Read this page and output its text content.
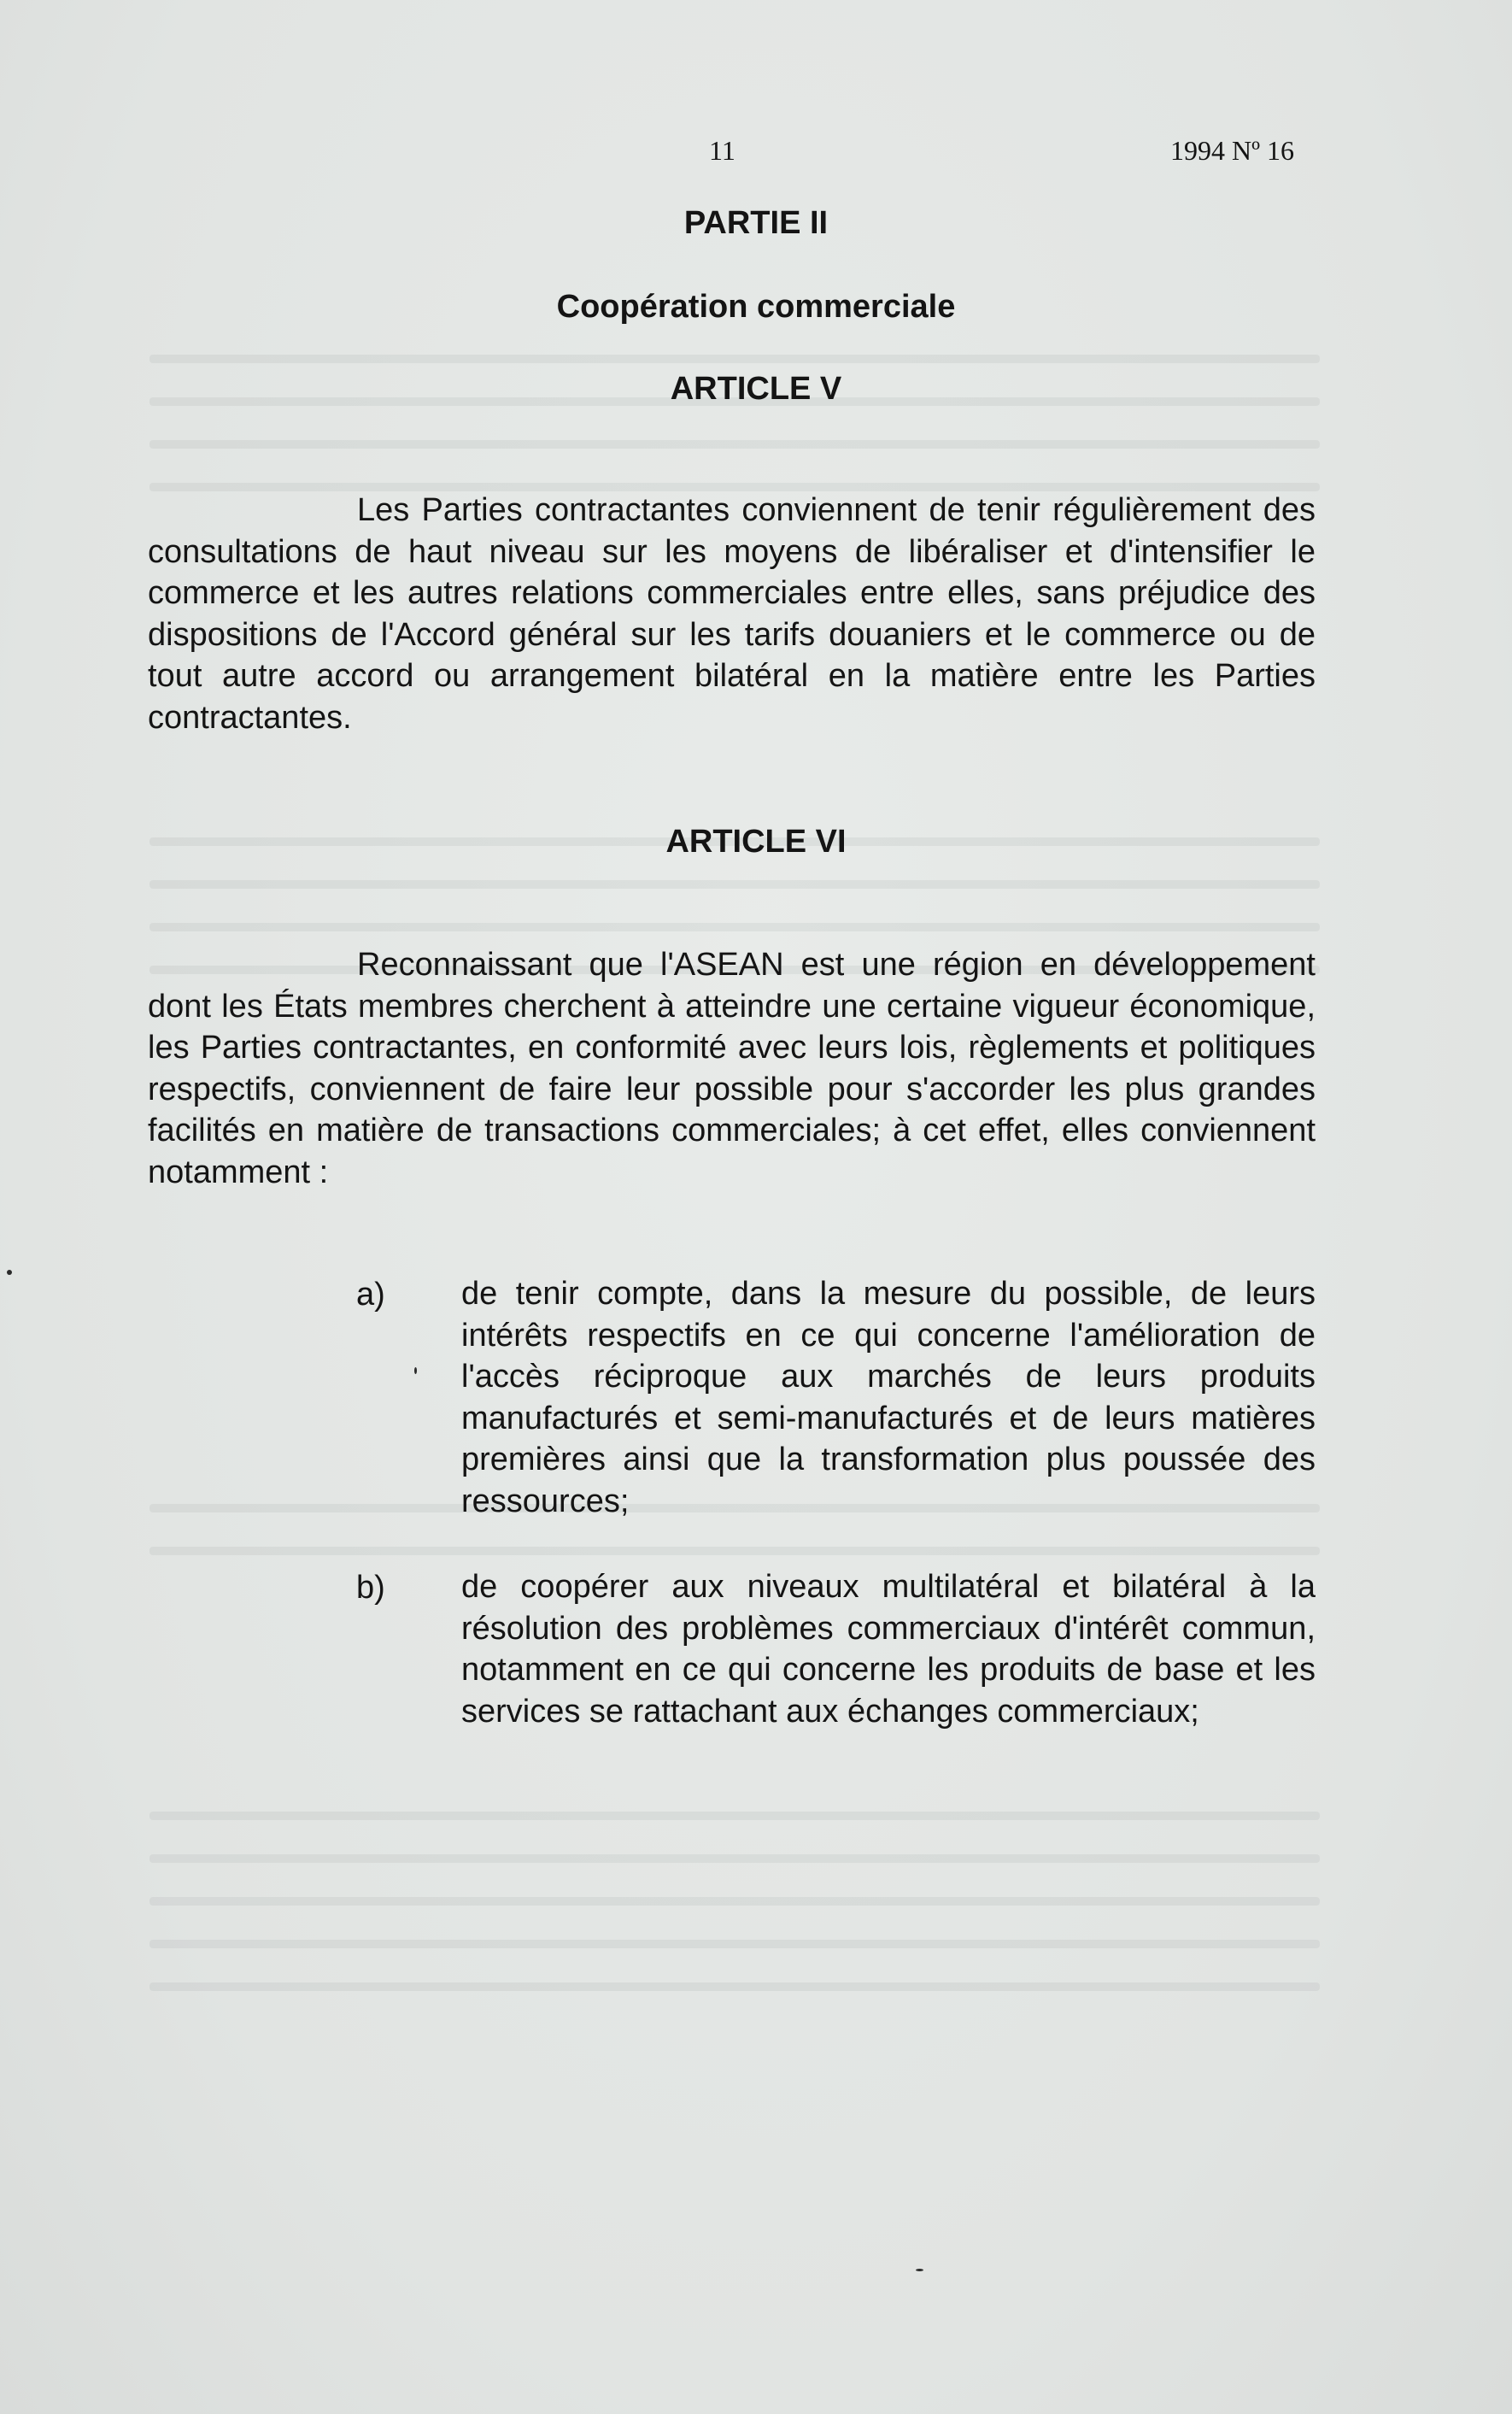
11	1994 Nº 16
PARTIE II
Coopération commerciale
ARTICLE V

Les Parties contractantes conviennent de tenir régulièrement des consultations de haut niveau sur les moyens de libéraliser et d'intensifier le commerce et les autres relations commerciales entre elles, sans préjudice des dispositions de l'Accord général sur les tarifs douaniers et le commerce ou de tout autre accord ou arrangement bilatéral en la matière entre les Parties contractantes.

ARTICLE VI

Reconnaissant que l'ASEAN est une région en développement dont les États membres cherchent à atteindre une certaine vigueur économique, les Parties contractantes, en conformité avec leurs lois, règlements et politiques respectifs, conviennent de faire leur possible pour s'accorder les plus grandes facilités en matière de transactions commerciales; à cet effet, elles conviennent notamment :

a) de tenir compte, dans la mesure du possible, de leurs intérêts respectifs en ce qui concerne l'amélioration de l'accès réciproque aux marchés de leurs produits manufacturés et semi-manufacturés et de leurs matières premières ainsi que la transformation plus poussée des ressources;

b) de coopérer aux niveaux multilatéral et bilatéral à la résolution des problèmes commerciaux d'intérêt commun, notamment en ce qui concerne les produits de base et les services se rattachant aux échanges commerciaux;
